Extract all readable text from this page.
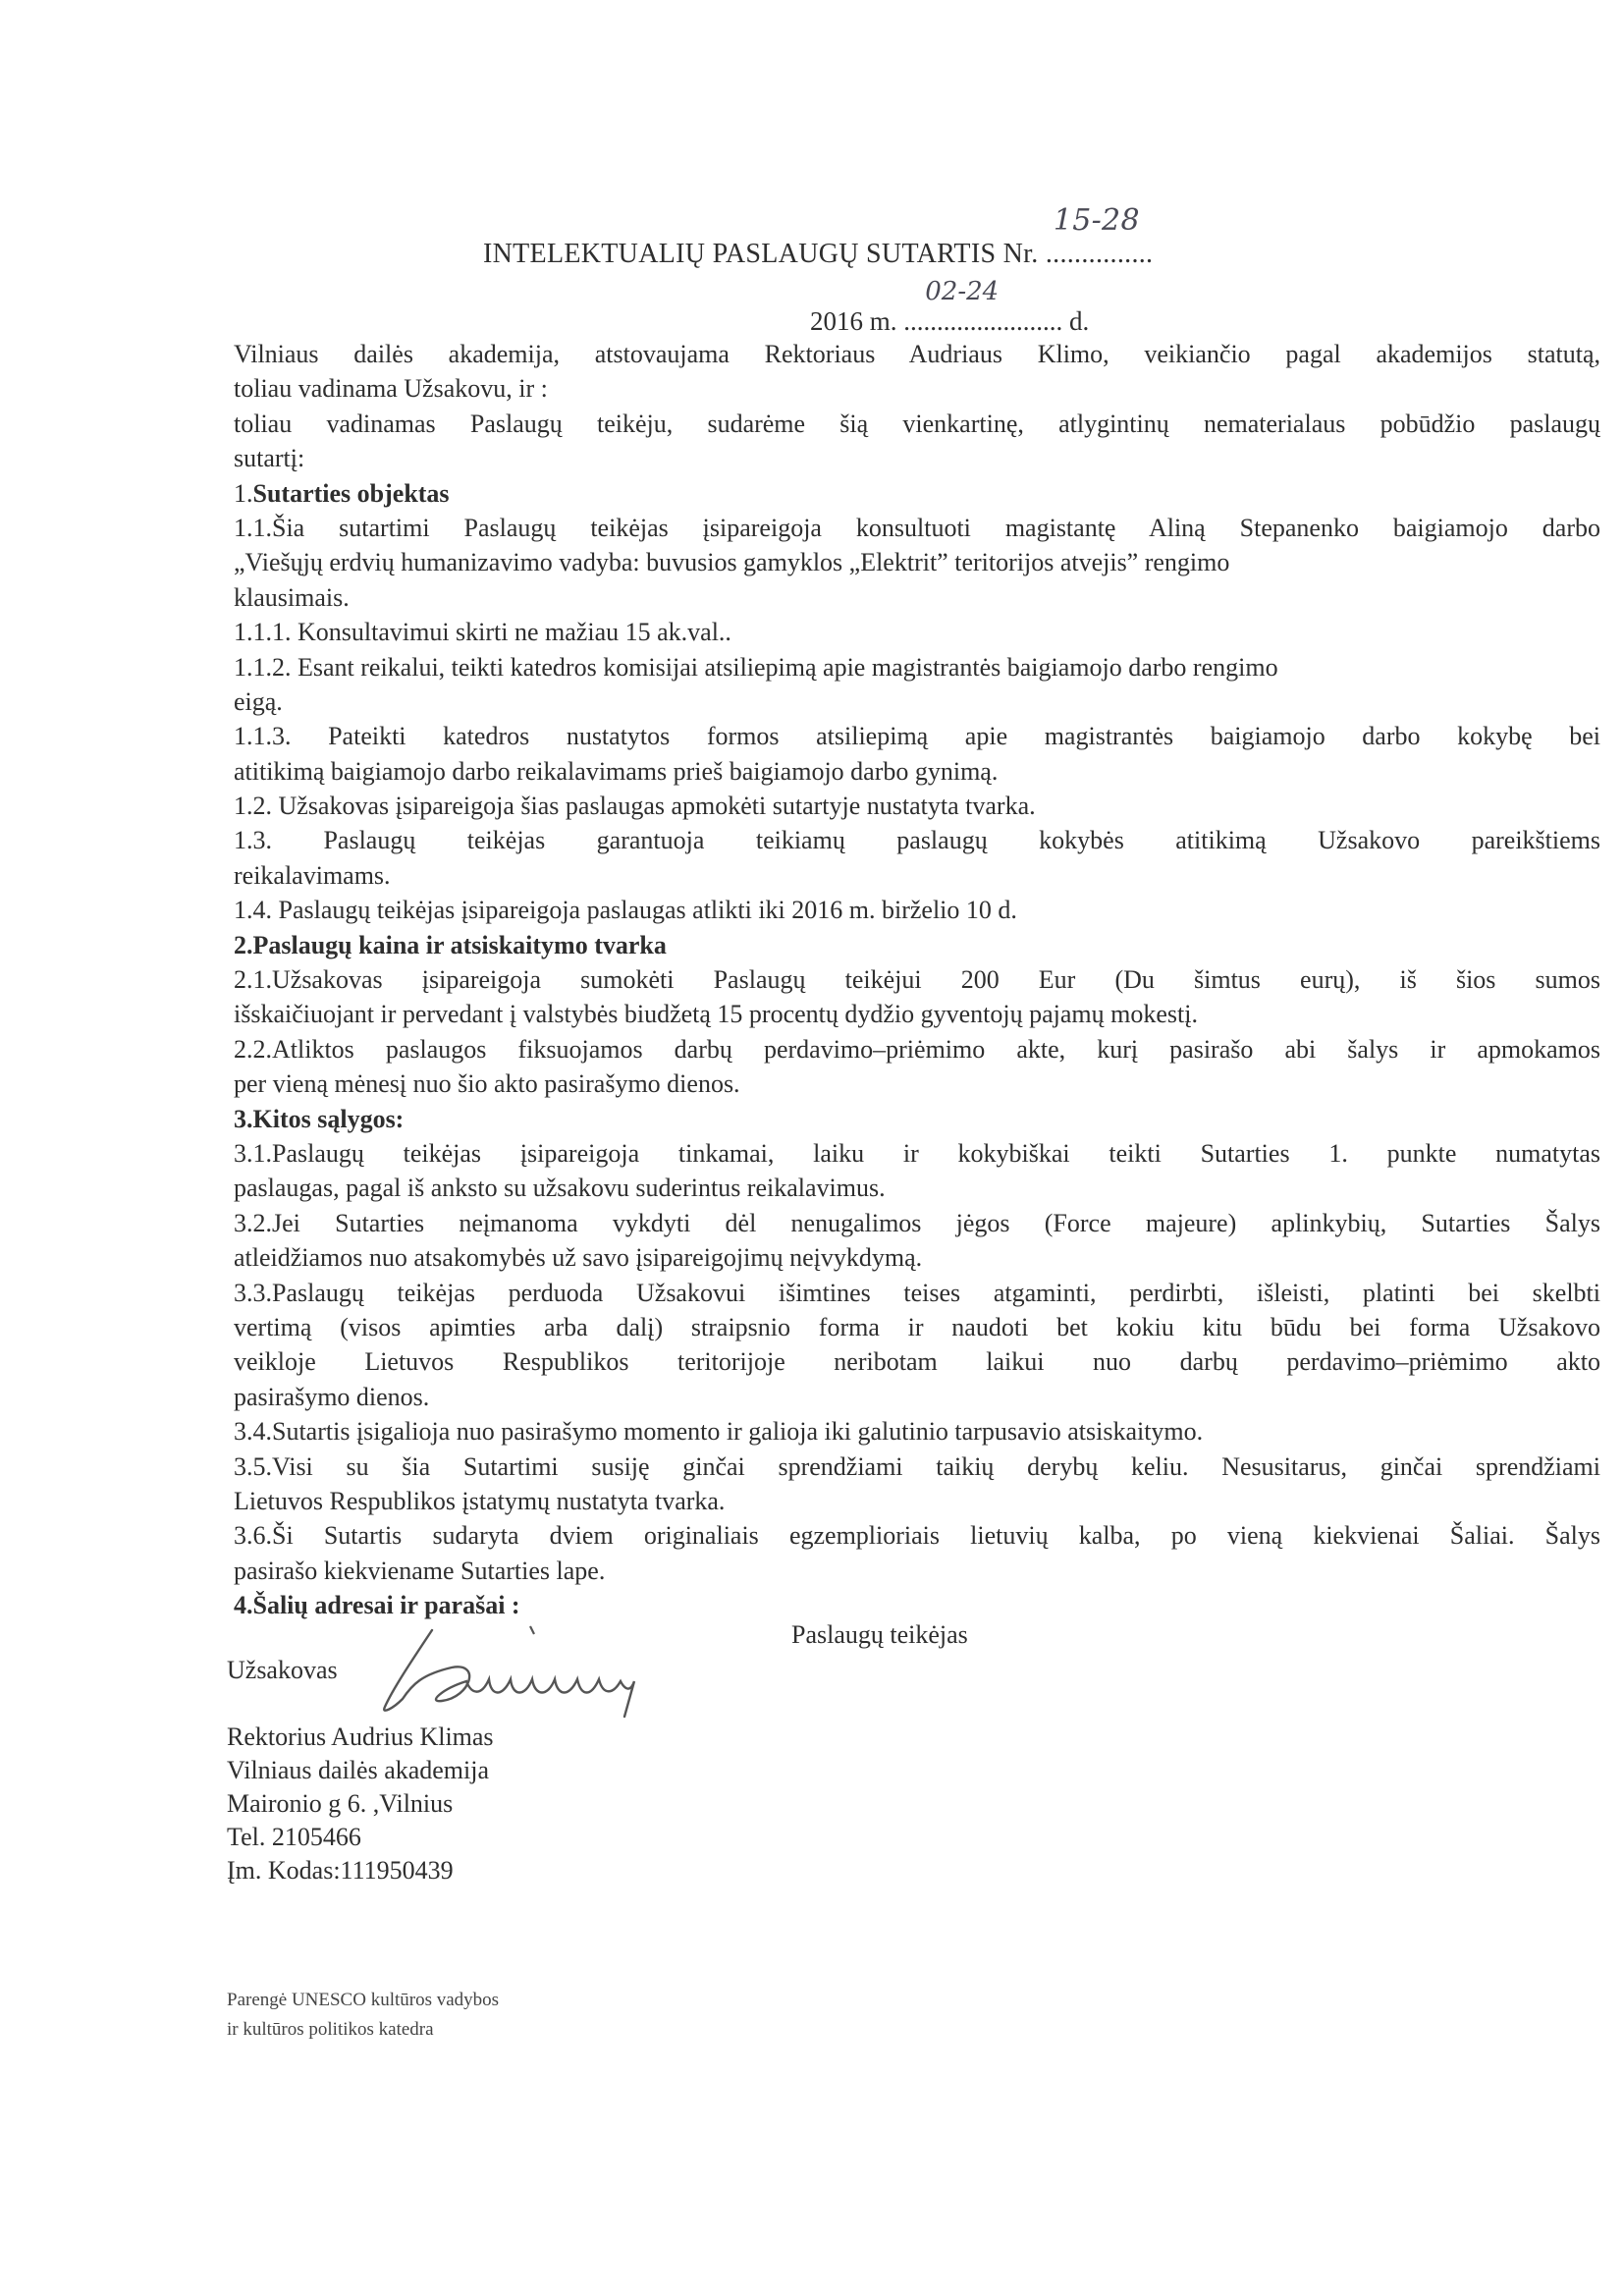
INTELEKTUALIŲ PASLAUGŲ SUTARTIS Nr. ...............
15-28
2016 m. ........................
02-24
d.
Vilniaus dailės akademija, atstovaujama Rektoriaus Audriaus Klimo, veikiančio pagal akademijos statutą,
toliau vadinama Užsakovu, ir :
toliau vadinamas Paslaugų teikėju, sudarėme šią vienkartinę, atlygintinų nematerialaus pobūdžio paslaugų
sutartį:
1.Sutarties objektas
1.1.Šia sutartimi Paslaugų teikėjas įsipareigoja konsultuoti magistantę Aliną Stepanenko baigiamojo darbo
„Viešųjų erdvių humanizavimo vadyba: buvusios gamyklos „Elektrit” teritorijos atvejis” rengimo
klausimais.
1.1.1. Konsultavimui skirti ne mažiau 15 ak.val..
1.1.2. Esant reikalui, teikti katedros komisijai atsiliepimą apie magistrantės baigiamojo darbo rengimo
eigą.
1.1.3. Pateikti katedros nustatytos formos atsiliepimą apie magistrantės baigiamojo darbo kokybę bei
atitikimą baigiamojo darbo reikalavimams prieš baigiamojo darbo gynimą.
1.2. Užsakovas įsipareigoja šias paslaugas apmokėti sutartyje nustatyta tvarka.
1.3. Paslaugų teikėjas garantuoja teikiamų paslaugų kokybės atitikimą Užsakovo pareikštiems
reikalavimams.
1.4. Paslaugų teikėjas įsipareigoja paslaugas atlikti iki 2016 m. birželio 10 d.
2.Paslaugų kaina ir atsiskaitymo tvarka
2.1.Užsakovas įsipareigoja sumokėti Paslaugų teikėjui 200 Eur (Du šimtus eurų), iš šios sumos
išskaičiuojant ir pervedant į valstybės biudžetą 15 procentų dydžio gyventojų pajamų mokestį.
2.2.Atliktos paslaugos fiksuojamos darbų perdavimo–priėmimo akte, kurį pasirašo abi šalys ir apmokamos
per vieną mėnesį nuo šio akto pasirašymo dienos.
3.Kitos sąlygos:
3.1.Paslaugų teikėjas įsipareigoja tinkamai, laiku ir kokybiškai teikti Sutarties 1. punkte numatytas
paslaugas, pagal iš anksto su užsakovu suderintus reikalavimus.
3.2.Jei Sutarties neįmanoma vykdyti dėl nenugalimos jėgos (Force majeure) aplinkybių, Sutarties Šalys
atleidžiamos nuo atsakomybės už savo įsipareigojimų neįvykdymą.
3.3.Paslaugų teikėjas perduoda Užsakovui išimtines teises atgaminti, perdirbti, išleisti, platinti bei skelbti
vertimą (visos apimties arba dalį) straipsnio forma ir naudoti bet kokiu kitu būdu bei forma Užsakovo
veikloje Lietuvos Respublikos teritorijoje neribotam laikui nuo darbų perdavimo–priėmimo akto
pasirašymo dienos.
3.4.Sutartis įsigalioja nuo pasirašymo momento ir galioja iki galutinio tarpusavio atsiskaitymo.
3.5.Visi su šia Sutartimi susiję ginčai sprendžiami taikių derybų keliu. Nesusitarus, ginčai sprendžiami
Lietuvos Respublikos įstatymų nustatyta tvarka.
3.6.Ši Sutartis sudaryta dviem originaliais egzemplioriais lietuvių kalba, po vieną kiekvienai Šaliai. Šalys
pasirašo kiekviename Sutarties lape.
4.Šalių adresai ir parašai :
Paslaugų teikėjas
Užsakovas
Rektorius Audrius Klimas
Vilniaus dailės akademija
Maironio g 6. ,Vilnius
Tel. 2105466
Įm. Kodas:111950439
Parengė UNESCO kultūros vadybos
ir kultūros politikos katedra
